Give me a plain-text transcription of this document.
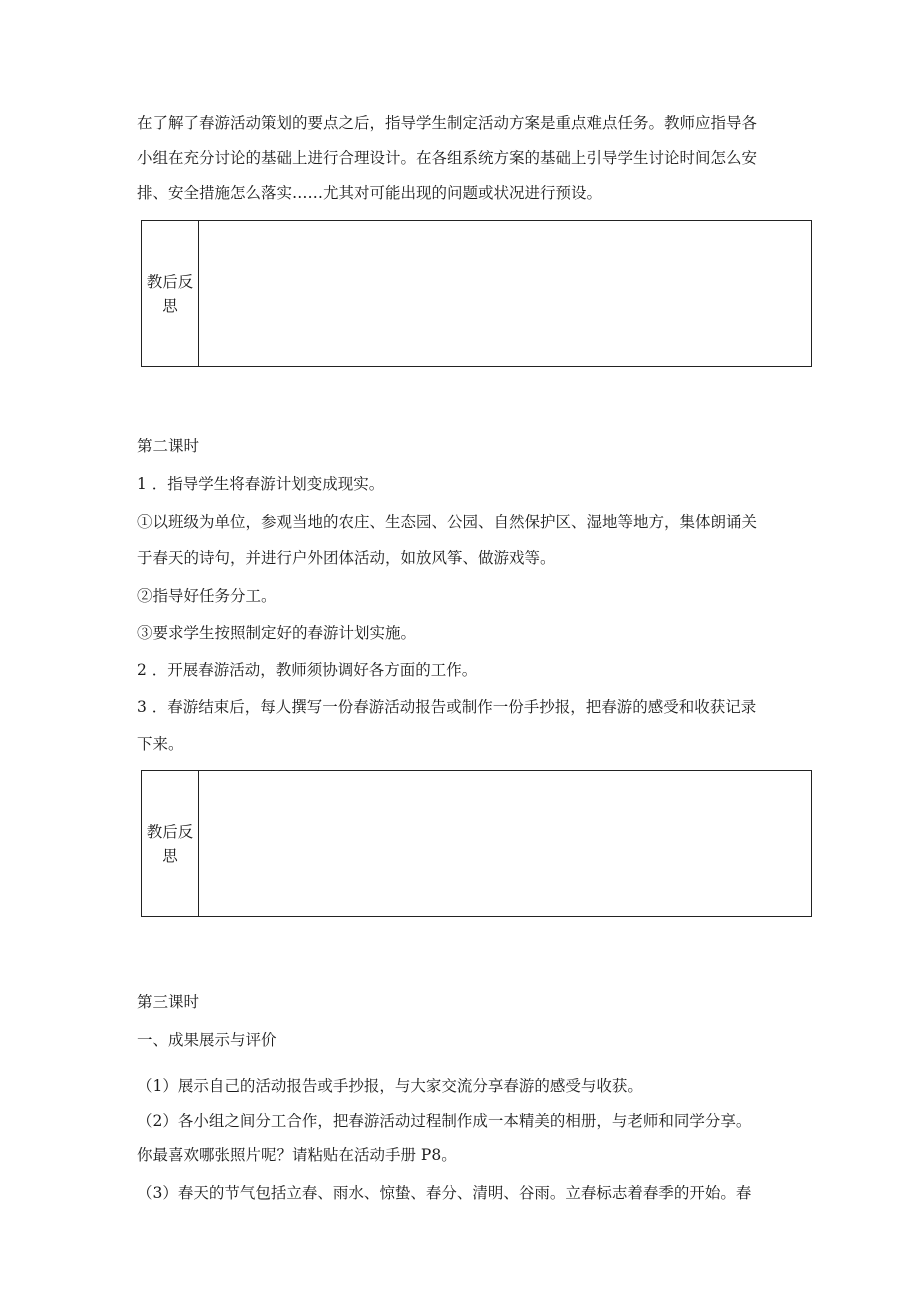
在了解了春游活动策划的要点之后，指导学生制定活动方案是重点难点任务。教师应指导各
小组在充分讨论的基础上进行合理设计。在各组系统方案的基础上引导学生讨论时间怎么安
排、安全措施怎么落实……尤其对可能出现的问题或状况进行预设。
教后反
思

第二课时
1 ．指导学生将春游计划变成现实。
①以班级为单位，参观当地的农庄、生态园、公园、自然保护区、湿地等地方，集体朗诵关
于春天的诗句，并进行户外团体活动，如放风筝、做游戏等。
②指导好任务分工。
③要求学生按照制定好的春游计划实施。
2 ．开展春游活动，教师须协调好各方面的工作。
3 ．春游结束后，每人撰写一份春游活动报告或制作一份手抄报，把春游的感受和收获记录
下来。
教后反
思

第三课时
一、成果展示与评价
（1）展示自己的活动报告或手抄报，与大家交流分享春游的感受与收获。
（2）各小组之间分工合作，把春游活动过程制作成一本精美的相册，与老师和同学分享。
你最喜欢哪张照片呢？请粘贴在活动手册 P8。
（3）春天的节气包括立春、雨水、惊蛰、春分、清明、谷雨。立春标志着春季的开始。春
